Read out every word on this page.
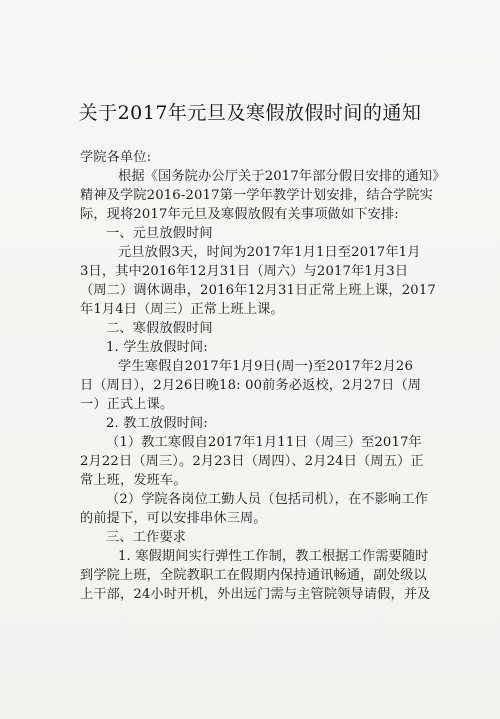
关于2017年元旦及寒假放假时间的通知
学院各单位:
根据《国务院办公厅关于2017年部分假日安排的通知》
精神及学院2016-2017第一学年教学计划安排，结合学院实
际，现将2017年元旦及寒假放假有关事项做如下安排:
一、元旦放假时间
元旦放假3天，时间为2017年1月1日至2017年1月
3日，其中2016年12月31日（周六）与2017年1月3日
（周二）调休调串，2016年12月31日正常上班上课，2017
年1月4日（周三）正常上班上课。
二、寒假放假时间
1. 学生放假时间:
学生寒假自2017年1月9日(周一)至2017年2月26
日（周日），2月26日晚18: 00前务必返校，2月27日（周
一）正式上课。
2. 教工放假时间:
（1）教工寒假自2017年1月11日（周三）至2017年
2月22日（周三）。2月23日（周四）、2月24日（周五）正
常上班，发班车。
（2）学院各岗位工勤人员（包括司机），在不影响工作
的前提下，可以安排串休三周。
三、工作要求
1. 寒假期间实行弹性工作制，教工根据工作需要随时
到学院上班，全院教职工在假期内保持通讯畅通，副处级以
上干部，24小时开机，外出远门需与主管院领导请假，并及
